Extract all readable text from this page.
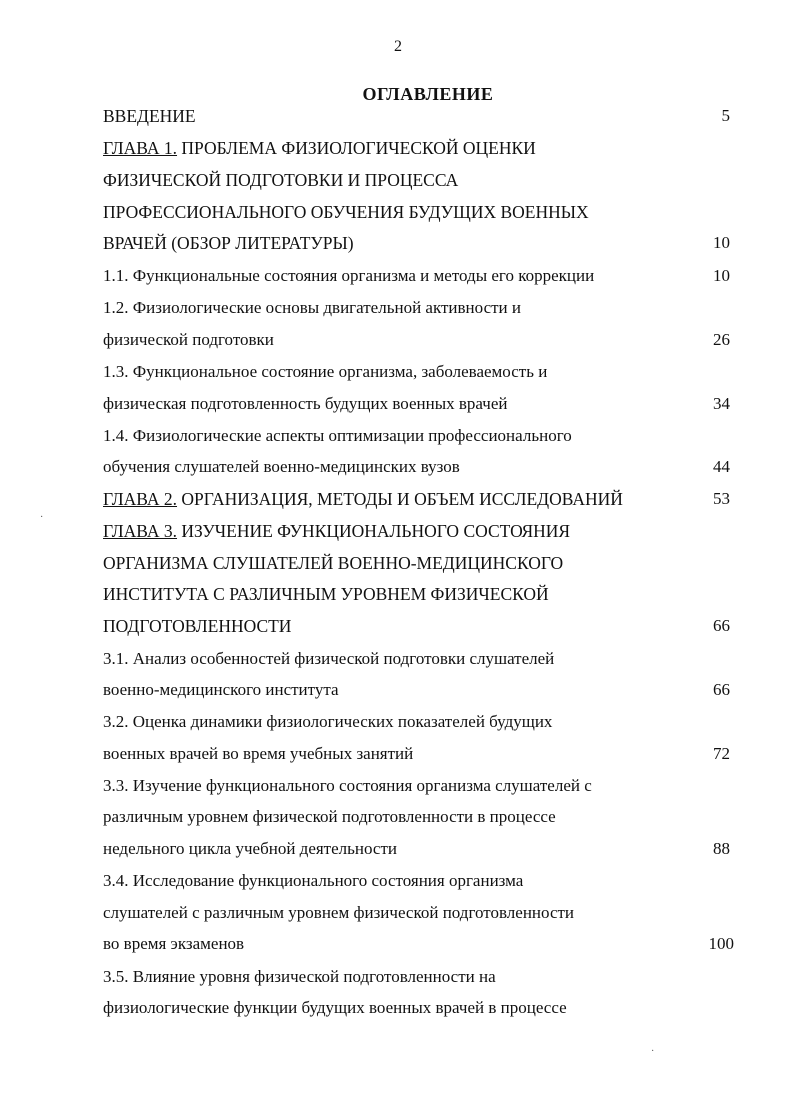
2
ОГЛАВЛЕНИЕ
ВВЕДЕНИЕ	5
ГЛАВА 1. ПРОБЛЕМА ФИЗИОЛОГИЧЕСКОЙ ОЦЕНКИ
ФИЗИЧЕСКОЙ ПОДГОТОВКИ И ПРОЦЕССА
ПРОФЕССИОНАЛЬНОГО ОБУЧЕНИЯ БУДУЩИХ ВОЕННЫХ
ВРАЧЕЙ (ОБЗОР ЛИТЕРАТУРЫ)	10
1.1. Функциональные состояния организма и методы его коррекции	10
1.2. Физиологические основы двигательной активности и
физической подготовки	26
1.3. Функциональное состояние организма, заболеваемость и
физическая подготовленность будущих военных врачей	34
1.4. Физиологические аспекты оптимизации профессионального
обучения слушателей военно-медицинских вузов	44
ГЛАВА 2. ОРГАНИЗАЦИЯ, МЕТОДЫ И ОБЪЕМ ИССЛЕДОВАНИЙ	53
ГЛАВА 3. ИЗУЧЕНИЕ ФУНКЦИОНАЛЬНОГО СОСТОЯНИЯ
ОРГАНИЗМА СЛУШАТЕЛЕЙ ВОЕННО-МЕДИЦИНСКОГО
ИНСТИТУТА С РАЗЛИЧНЫМ УРОВНЕМ ФИЗИЧЕСКОЙ
ПОДГОТОВЛЕННОСТИ	66
3.1. Анализ особенностей физической подготовки слушателей
военно-медицинского института	66
3.2. Оценка динамики физиологических показателей будущих
военных врачей во время учебных занятий	72
3.3. Изучение функционального состояния организма слушателей с
различным уровнем физической подготовленности в процессе
недельного цикла учебной деятельности	88
3.4. Исследование функционального состояния организма
слушателей с различным уровнем физической подготовленности
во время экзаменов	100
3.5. Влияние уровня физической подготовленности на
физиологические функции будущих военных врачей в процессе
·
·
